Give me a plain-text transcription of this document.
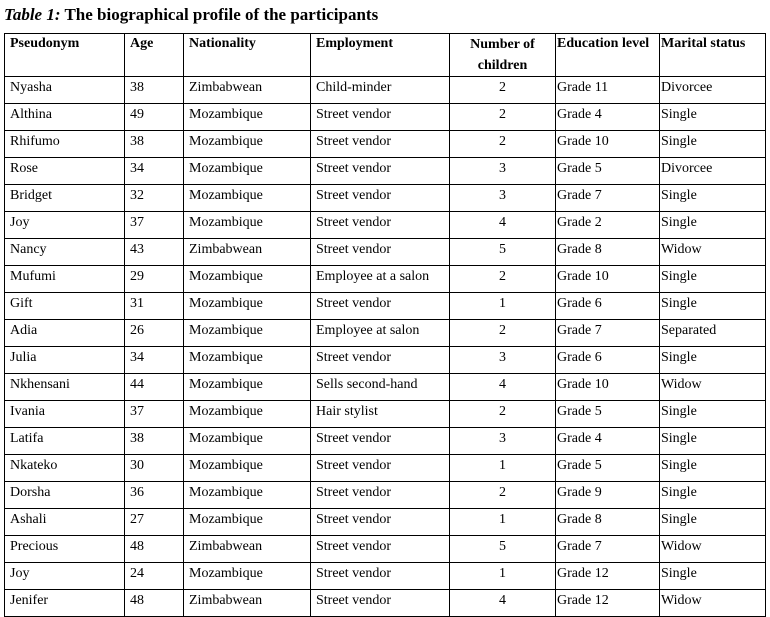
Table 1: The biographical profile of the participants
Pseudonym	Age	Nationality	Employment	Number of children	Education level	Marital status
Nyasha	38	Zimbabwean	Child-minder	2	Grade 11	Divorcee
Althina	49	Mozambique	Street vendor	2	Grade 4	Single
Rhifumo	38	Mozambique	Street vendor	2	Grade 10	Single
Rose	34	Mozambique	Street vendor	3	Grade 5	Divorcee
Bridget	32	Mozambique	Street vendor	3	Grade 7	Single
Joy	37	Mozambique	Street vendor	4	Grade 2	Single
Nancy	43	Zimbabwean	Street vendor	5	Grade 8	Widow
Mufumi	29	Mozambique	Employee at a salon	2	Grade 10	Single
Gift	31	Mozambique	Street vendor	1	Grade 6	Single
Adia	26	Mozambique	Employee at salon	2	Grade 7	Separated
Julia	34	Mozambique	Street vendor	3	Grade 6	Single
Nkhensani	44	Mozambique	Sells second-hand	4	Grade 10	Widow
Ivania	37	Mozambique	Hair stylist	2	Grade 5	Single
Latifa	38	Mozambique	Street vendor	3	Grade 4	Single
Nkateko	30	Mozambique	Street vendor	1	Grade 5	Single
Dorsha	36	Mozambique	Street vendor	2	Grade 9	Single
Ashali	27	Mozambique	Street vendor	1	Grade 8	Single
Precious	48	Zimbabwean	Street vendor	5	Grade 7	Widow
Joy	24	Mozambique	Street vendor	1	Grade 12	Single
Jenifer	48	Zimbabwean	Street vendor	4	Grade 12	Widow
